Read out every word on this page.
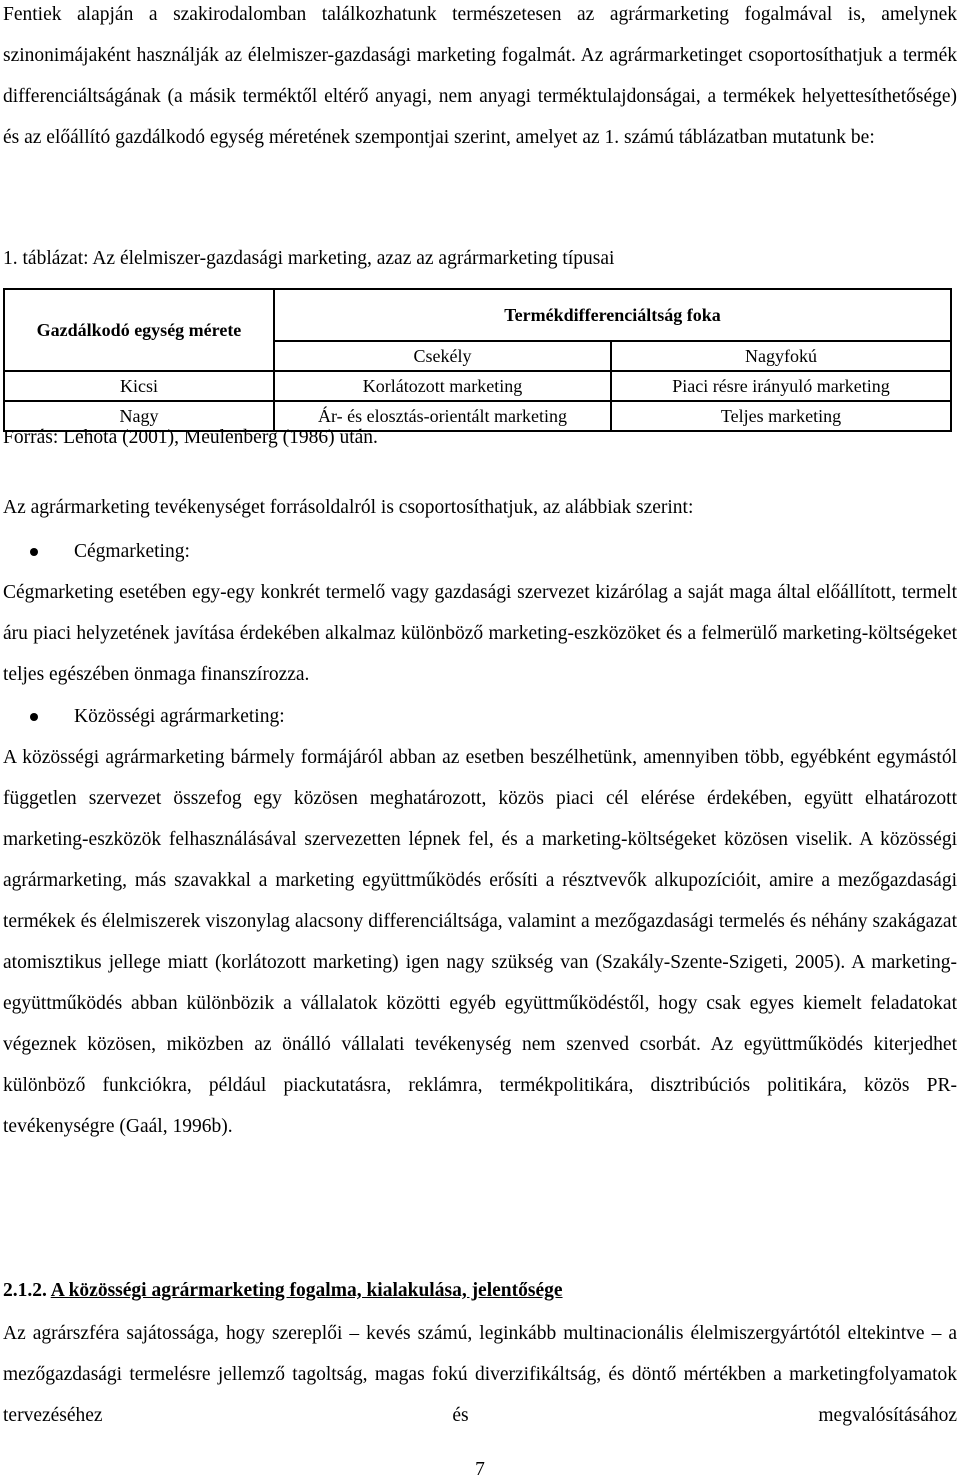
Fentiek alapján a szakirodalomban találkozhatunk természetesen az agrármarketing fogalmával is, amelynek szinonimájaként használják az élelmiszer-gazdasági marketing fogalmát. Az agrármarketinget csoportosíthatjuk a termék differenciáltságának (a másik terméktől eltérő anyagi, nem anyagi terméktulajdonságai, a termékek helyettesíthetősége) és az előállító gazdálkodó egység méretének szempontjai szerint, amelyet az 1. számú táblázatban mutatunk be:

1. táblázat: Az élelmiszer-gazdasági marketing, azaz az agrármarketing típusai

Gazdálkodó egység mérete	Termékdifferenciáltság foka	
	Csekély	Nagyfokú
Kicsi	Korlátozott marketing	Piaci résre irányuló marketing
Nagy	Ár- és elosztás-orientált marketing	Teljes marketing

Forrás: Lehota (2001), Meulenberg (1986) után.

Az agrármarketing tevékenységet forrásoldalról is csoportosíthatjuk, az alábbiak szerint:

Cégmarketing:

Cégmarketing esetében egy-egy konkrét termelő vagy gazdasági szervezet kizárólag a saját maga által előállított, termelt áru piaci helyzetének javítása érdekében alkalmaz különböző marketing-eszközöket és a felmerülő marketing-költségeket teljes egészében önmaga finanszírozza.

Közösségi agrármarketing:

A közösségi agrármarketing bármely formájáról abban az esetben beszélhetünk, amennyiben több, egyébként egymástól független szervezet összefog egy közösen meghatározott, közös piaci cél elérése érdekében, együtt elhatározott marketing-eszközök felhasználásával szervezetten lépnek fel, és a marketing-költségeket közösen viselik. A közösségi agrármarketing, más szavakkal a marketing együttműködés erősíti a résztvevők alkupozícióit, amire a mezőgazdasági termékek és élelmiszerek viszonylag alacsony differenciáltsága, valamint a mezőgazdasági termelés és néhány szakágazat atomisztikus jellege miatt (korlátozott marketing) igen nagy szükség van (Szakály-Szente-Szigeti, 2005). A marketing-együttműködés abban különbözik a vállalatok közötti egyéb együttműködéstől, hogy csak egyes kiemelt feladatokat végeznek közösen, miközben az önálló vállalati tevékenység nem szenved csorbát. Az együttműködés kiterjedhet különböző funkciókra, például piackutatásra, reklámra, termékpolitikára, disztribúciós politikára, közös PR-tevékenységre (Gaál, 1996b).

2.1.2. A közösségi agrármarketing fogalma, kialakulása, jelentősége

Az agrárszféra sajátossága, hogy szereplői – kevés számú, leginkább multinacionális élelmiszergyártótól eltekintve – a mezőgazdasági termelésre jellemző tagoltság, magas fokú diverzifikáltság, és döntő mértékben a marketingfolyamatok tervezéséhez és megvalósításához

7
